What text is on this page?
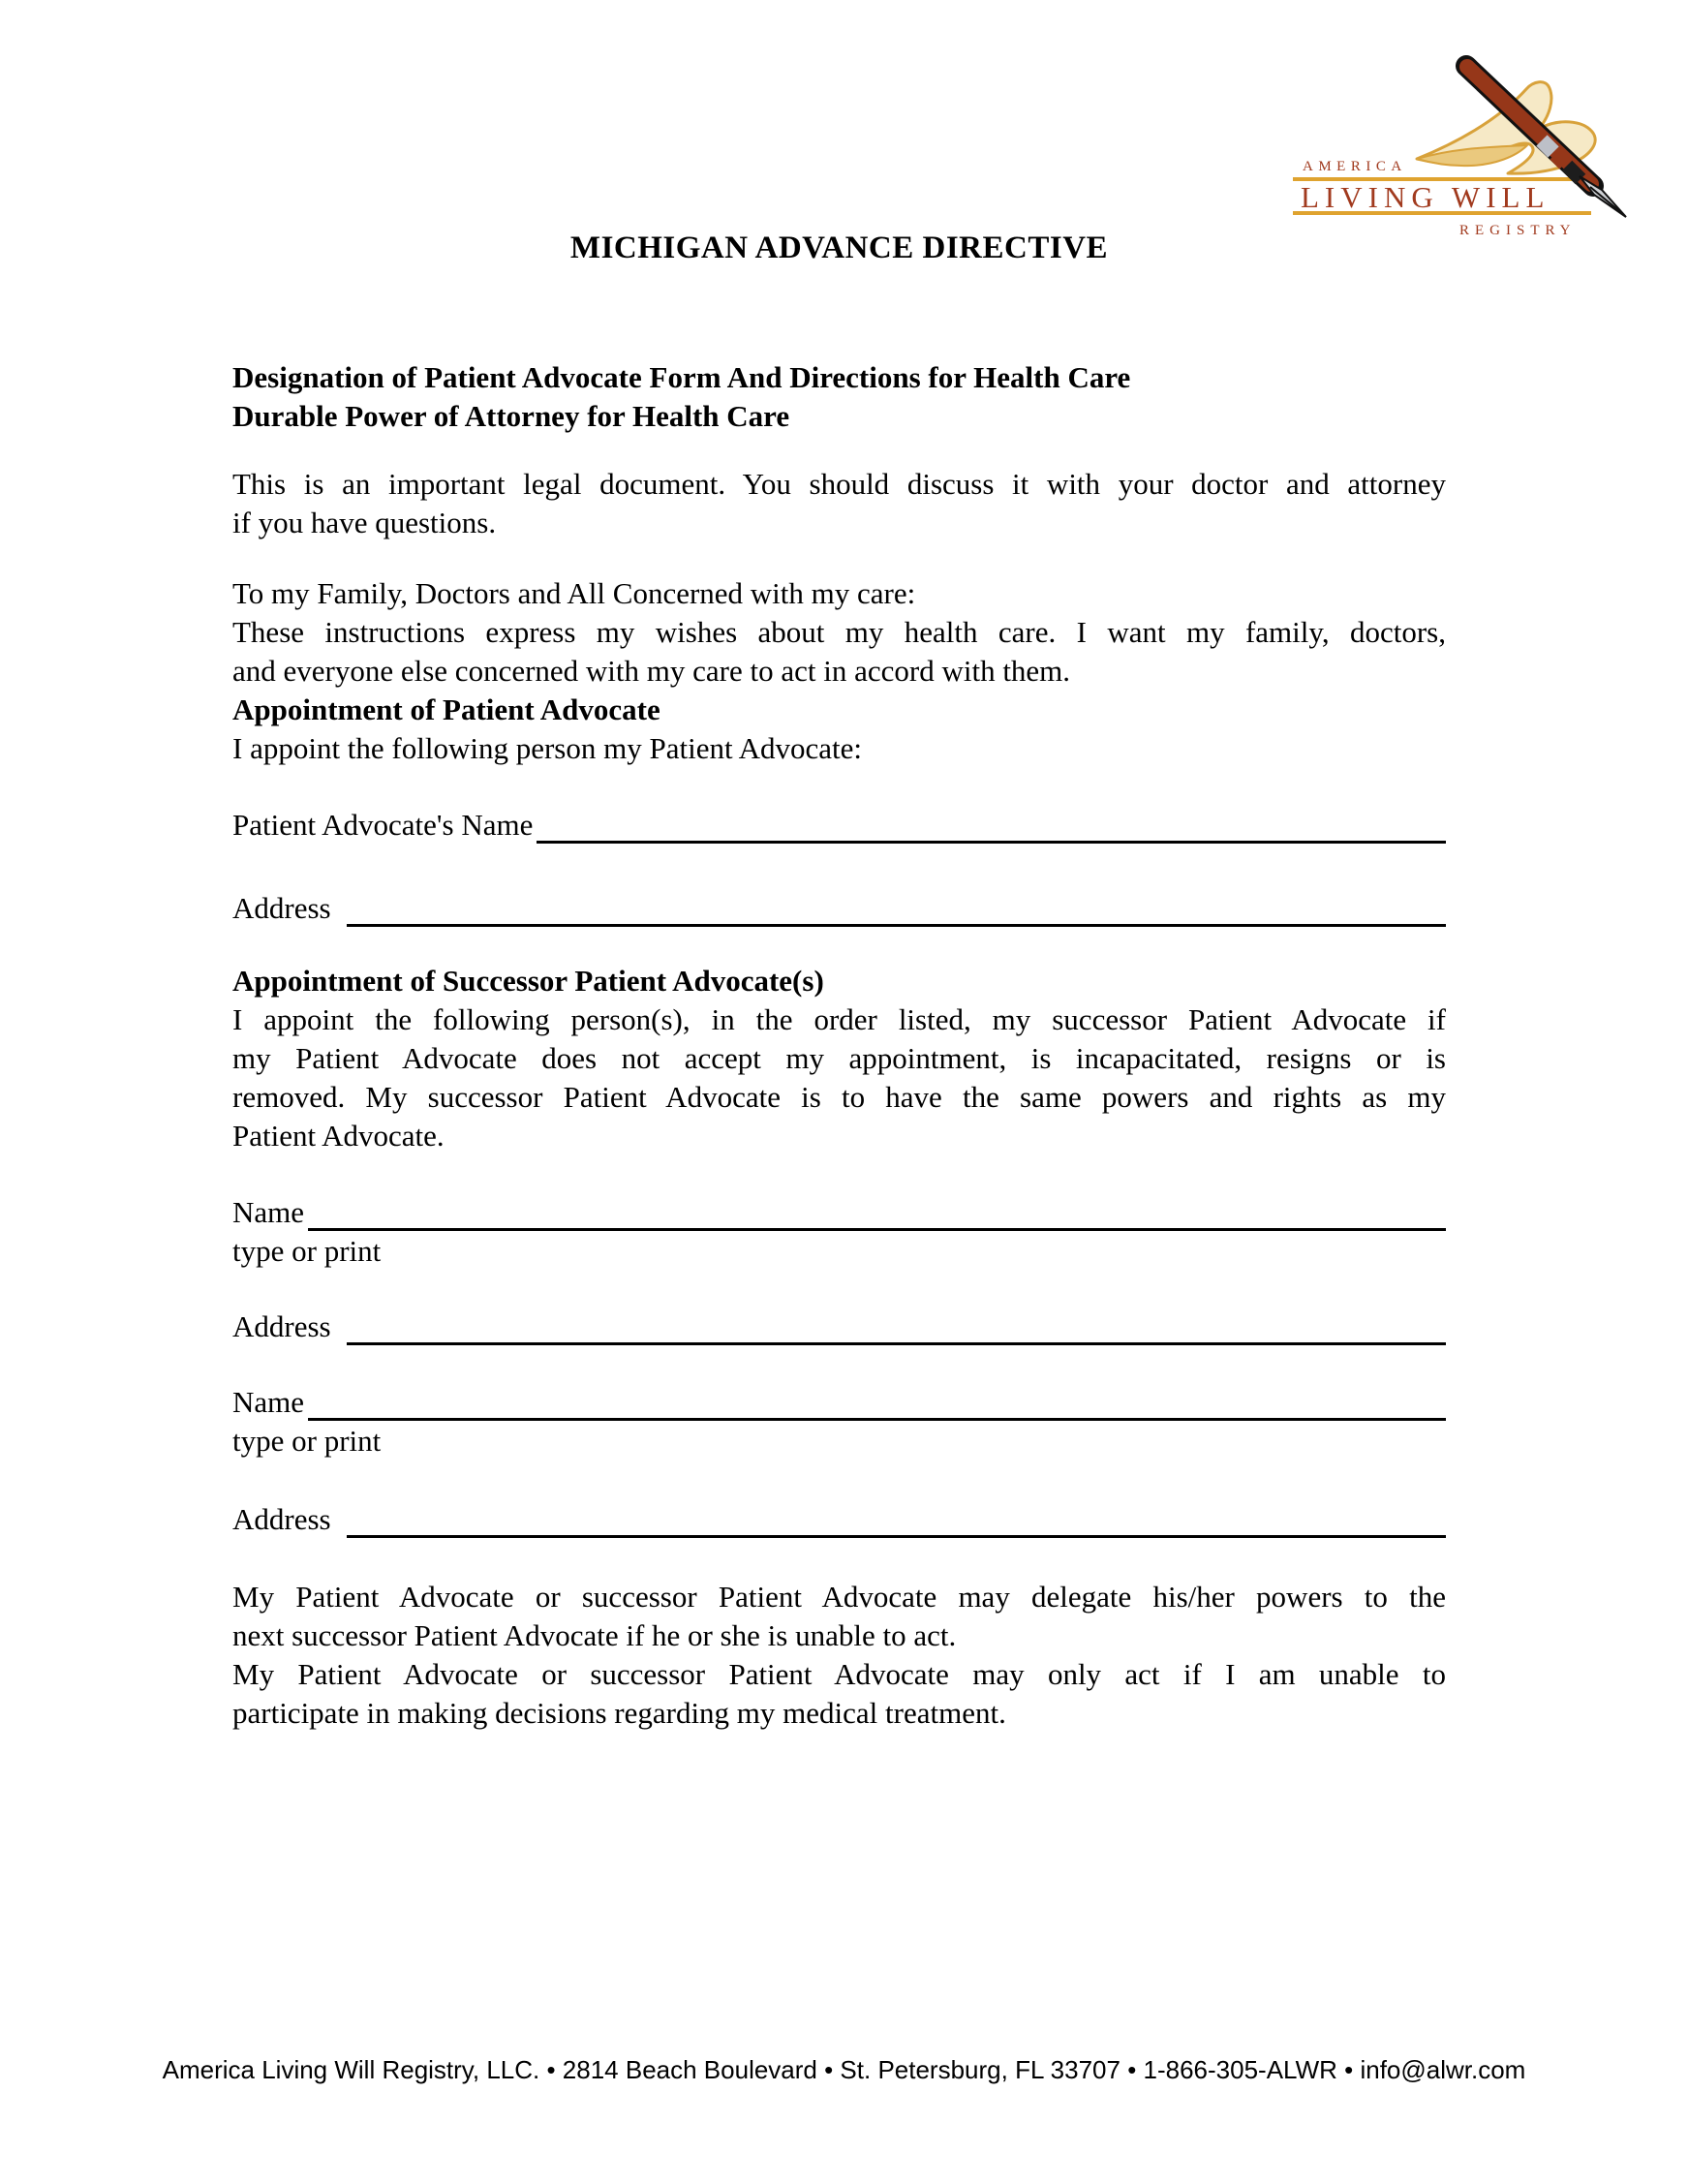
AMERICA
LIVING WILL
REGISTRY
MICHIGAN ADVANCE DIRECTIVE
Designation of Patient Advocate Form And Directions for Health Care
Durable Power of Attorney for Health Care
This is an important legal document. You should discuss it with your doctor and attorney
if you have questions.
To my Family, Doctors and All Concerned with my care:
These instructions express my wishes about my health care. I want my family, doctors,
and everyone else concerned with my care to act in accord with them.
Appointment of Patient Advocate
I appoint the following person my Patient Advocate:
Patient Advocate's Name
Address
Appointment of Successor Patient Advocate(s)
I appoint the following person(s), in the order listed, my successor Patient Advocate if
my Patient Advocate does not accept my appointment, is incapacitated, resigns or is
removed. My successor Patient Advocate is to have the same powers and rights as my
Patient Advocate.
Name
type or print
Address
Name
type or print
Address
My Patient Advocate or successor Patient Advocate may delegate his/her powers to the
next successor Patient Advocate if he or she is unable to act.
My Patient Advocate or successor Patient Advocate may only act if I am unable to
participate in making decisions regarding my medical treatment.
America Living Will Registry, LLC. • 2814 Beach Boulevard • St. Petersburg, FL 33707 • 1-866-305-ALWR • info@alwr.com
